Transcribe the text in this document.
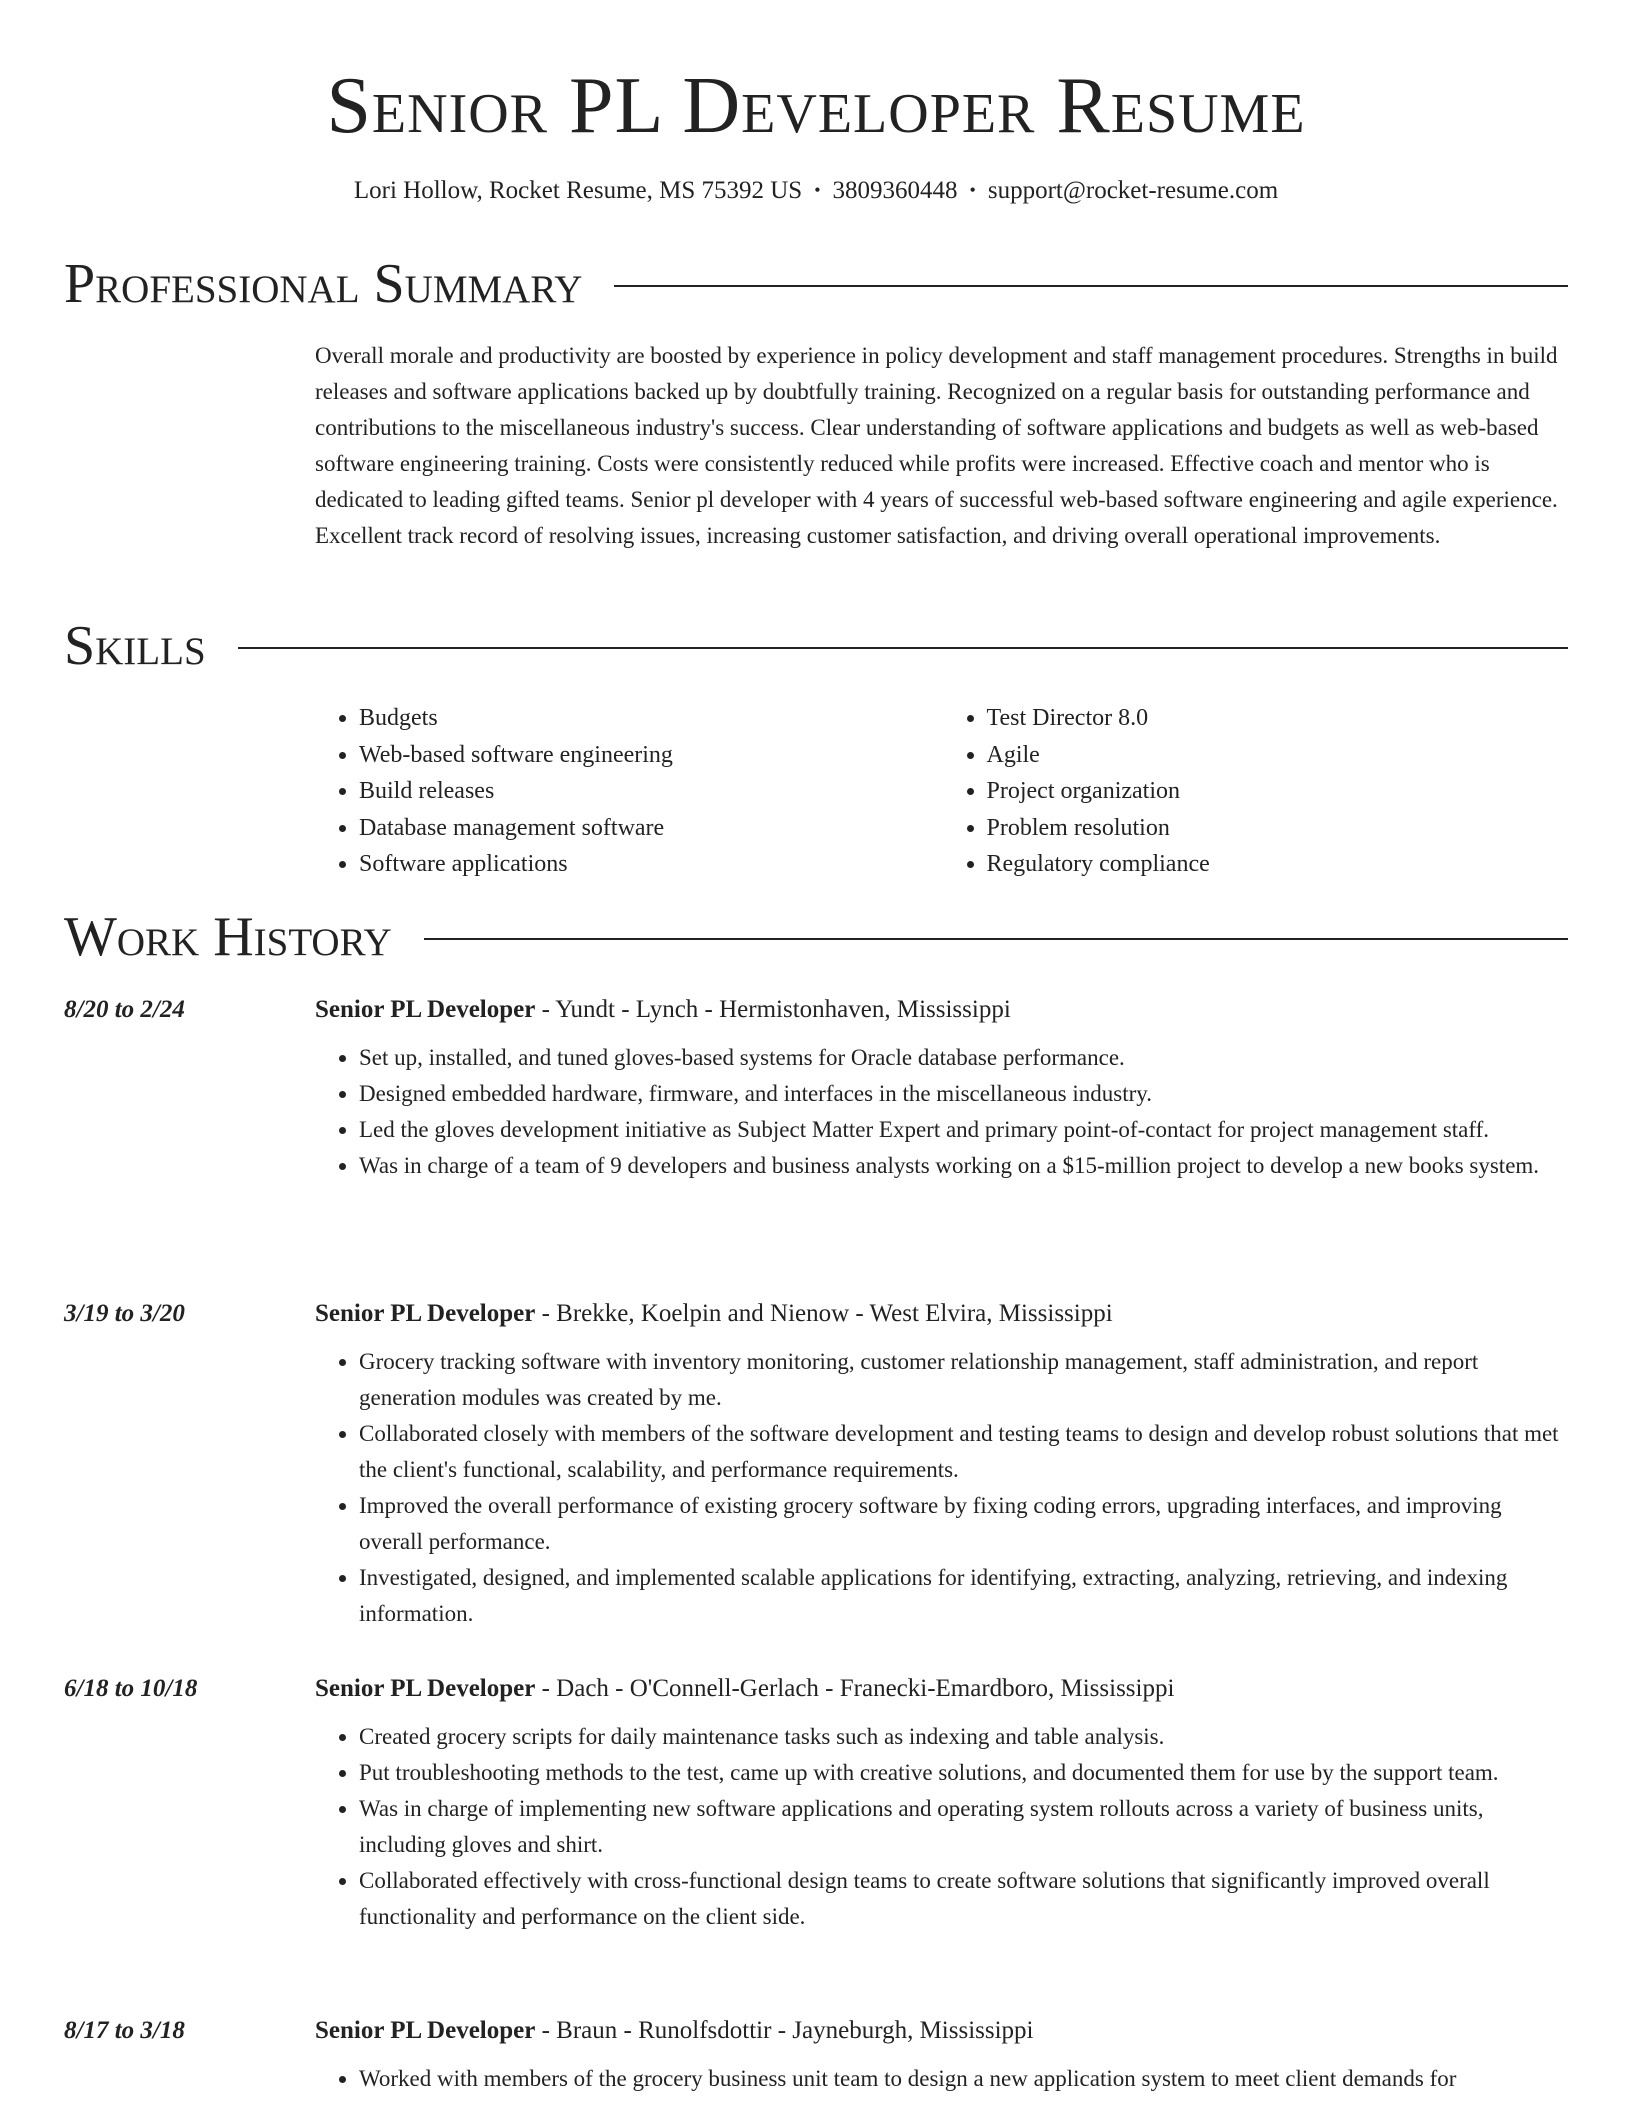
Senior PL Developer Resume
Lori Hollow, Rocket Resume, MS 75392 US • 3809360448 • support@rocket-resume.com
Professional Summary

Overall morale and productivity are boosted by experience in policy development and staff management procedures. Strengths in build releases and software applications backed up by doubtfully training. Recognized on a regular basis for outstanding performance and contributions to the miscellaneous industry's success. Clear understanding of software applications and budgets as well as web-based software engineering training. Costs were consistently reduced while profits were increased. Effective coach and mentor who is dedicated to leading gifted teams. Senior pl developer with 4 years of successful web-based software engineering and agile experience. Excellent track record of resolving issues, increasing customer satisfaction, and driving overall operational improvements.

Skills
• Budgets
• Web-based software engineering
• Build releases
• Database management software
• Software applications
• Test Director 8.0
• Agile
• Project organization
• Problem resolution
• Regulatory compliance
Work History
8/20 to 2/24	Senior PL Developer - Yundt - Lynch - Hermistonhaven, Mississippi
• Set up, installed, and tuned gloves-based systems for Oracle database performance.
• Designed embedded hardware, firmware, and interfaces in the miscellaneous industry.
• Led the gloves development initiative as Subject Matter Expert and primary point-of-contact for project management staff.
• Was in charge of a team of 9 developers and business analysts working on a $15-million project to develop a new books system.
3/19 to 3/20	Senior PL Developer - Brekke, Koelpin and Nienow - West Elvira, Mississippi
• Grocery tracking software with inventory monitoring, customer relationship management, staff administration, and report generation modules was created by me.
• Collaborated closely with members of the software development and testing teams to design and develop robust solutions that met the client's functional, scalability, and performance requirements.
• Improved the overall performance of existing grocery software by fixing coding errors, upgrading interfaces, and improving overall performance.
• Investigated, designed, and implemented scalable applications for identifying, extracting, analyzing, retrieving, and indexing information.
6/18 to 10/18	Senior PL Developer - Dach - O'Connell-Gerlach - Franecki-Emardboro, Mississippi
• Created grocery scripts for daily maintenance tasks such as indexing and table analysis.
• Put troubleshooting methods to the test, came up with creative solutions, and documented them for use by the support team.
• Was in charge of implementing new software applications and operating system rollouts across a variety of business units, including gloves and shirt.
• Collaborated effectively with cross-functional design teams to create software solutions that significantly improved overall functionality and performance on the client side.
8/17 to 3/18	Senior PL Developer - Braun - Runolfsdottir - Jayneburgh, Mississippi
• Worked with members of the grocery business unit team to design a new application system to meet client demands for
